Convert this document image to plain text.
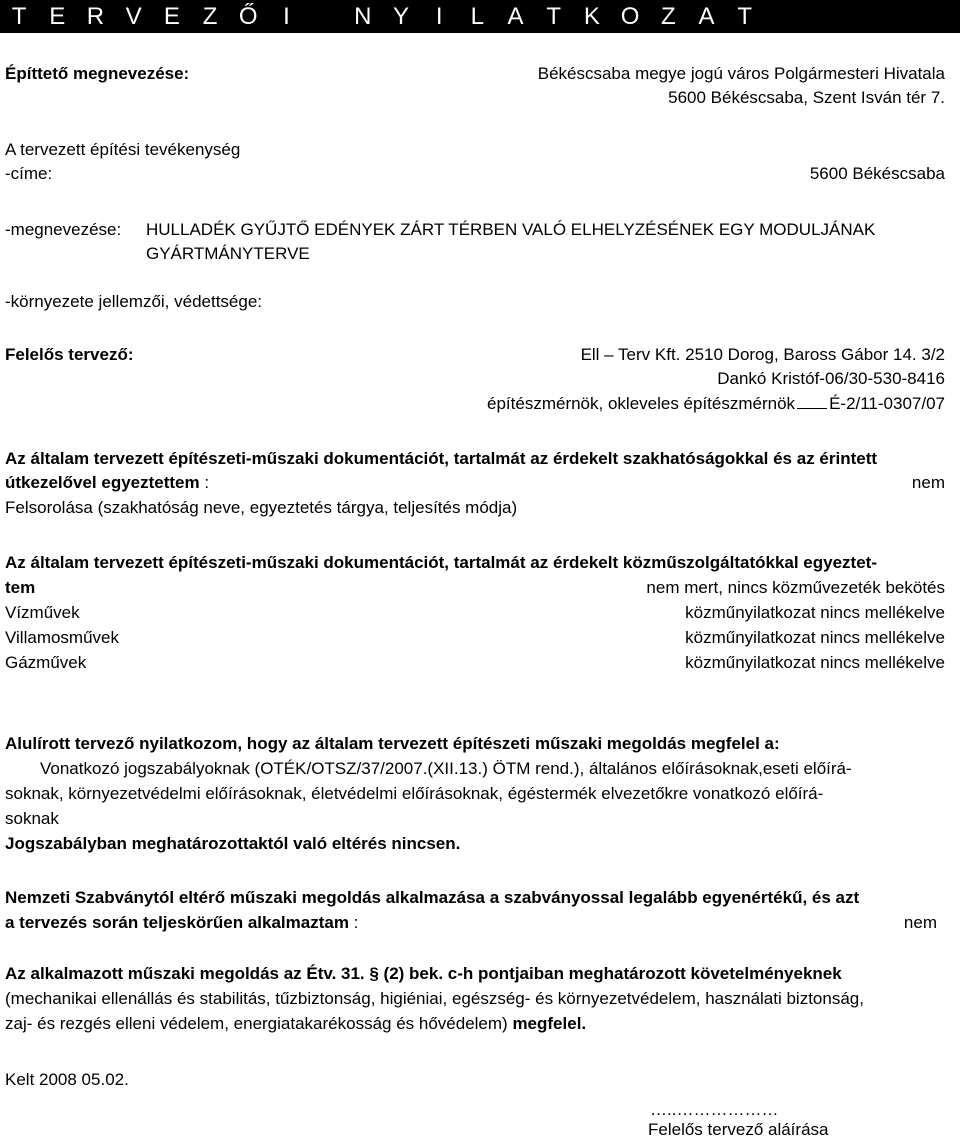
T E R V E Z Ő	I	N Y	I	L A T K O Z A T
Építtető megnevezése:	Békéscsaba megye jogú város Polgármesteri Hivatala
5600 Békéscsaba, Szent Isván tér 7.
A tervezett építési tevékenység
-címe:	5600 Békéscsaba
-megnevezése: HULLADÉK GYŰJTŐ EDÉNYEK ZÁRT TÉRBEN VALÓ ELHELYZÉSÉNEK EGY MODULJÁNAK
GYÁRTMÁNYTERVE
-környezete jellemzői, védettsége:
Felelős tervező:	Ell – Terv Kft. 2510 Dorog, Baross Gábor 14. 3/2
Dankó Kristóf-06/30-530-8416
építészmérnök, okleveles építészmérnök É-2/11-0307/07
Az általam tervezett építészeti-műszaki dokumentációt, tartalmát az érdekelt szakhatóságokkal és az érintett
útkezelővel egyeztettem :	nem
Felsorolása (szakhatóság neve, egyeztetés tárgya, teljesítés módja)
Az általam tervezett építészeti-műszaki dokumentációt, tartalmát az érdekelt közműszolgáltatókkal egyeztet-
tem	nem mert, nincs közművezeték bekötés
Vízművek	közműnyilatkozat nincs mellékelve
Villamosművek	közműnyilatkozat nincs mellékelve
Gázművek	közműnyilatkozat nincs mellékelve
Alulírott tervező nyilatkozom, hogy az általam tervezett építészeti műszaki megoldás megfelel a:
Vonatkozó jogszabályoknak (OTÉK/OTSZ/37/2007.(XII.13.) ÖTM rend.), általános előírásoknak,eseti előírá-
soknak, környezetvédelmi előírásoknak, életvédelmi előírásoknak, égéstermék elvezetőkre vonatkozó előírá-
soknak
Jogszabályban meghatározottaktól való eltérés nincsen.
Nemzeti Szabványtól eltérő műszaki megoldás alkalmazása a szabványossal legalább egyenértékű, és azt
a tervezés során teljeskörűen alkalmaztam :	nem
Az alkalmazott műszaki megoldás az Étv. 31. § (2) bek. c-h pontjaiban meghatározott követelményeknek
(mechanikai ellenállás és stabilitás, tűzbiztonság, higiéniai, egészség- és környezetvédelem, használati biztonság,
zaj- és rezgés elleni védelem, energiatakarékosság és hővédelem) megfelel.
Kelt 2008 05.02.
…..………………
Felelős tervező aláírása
